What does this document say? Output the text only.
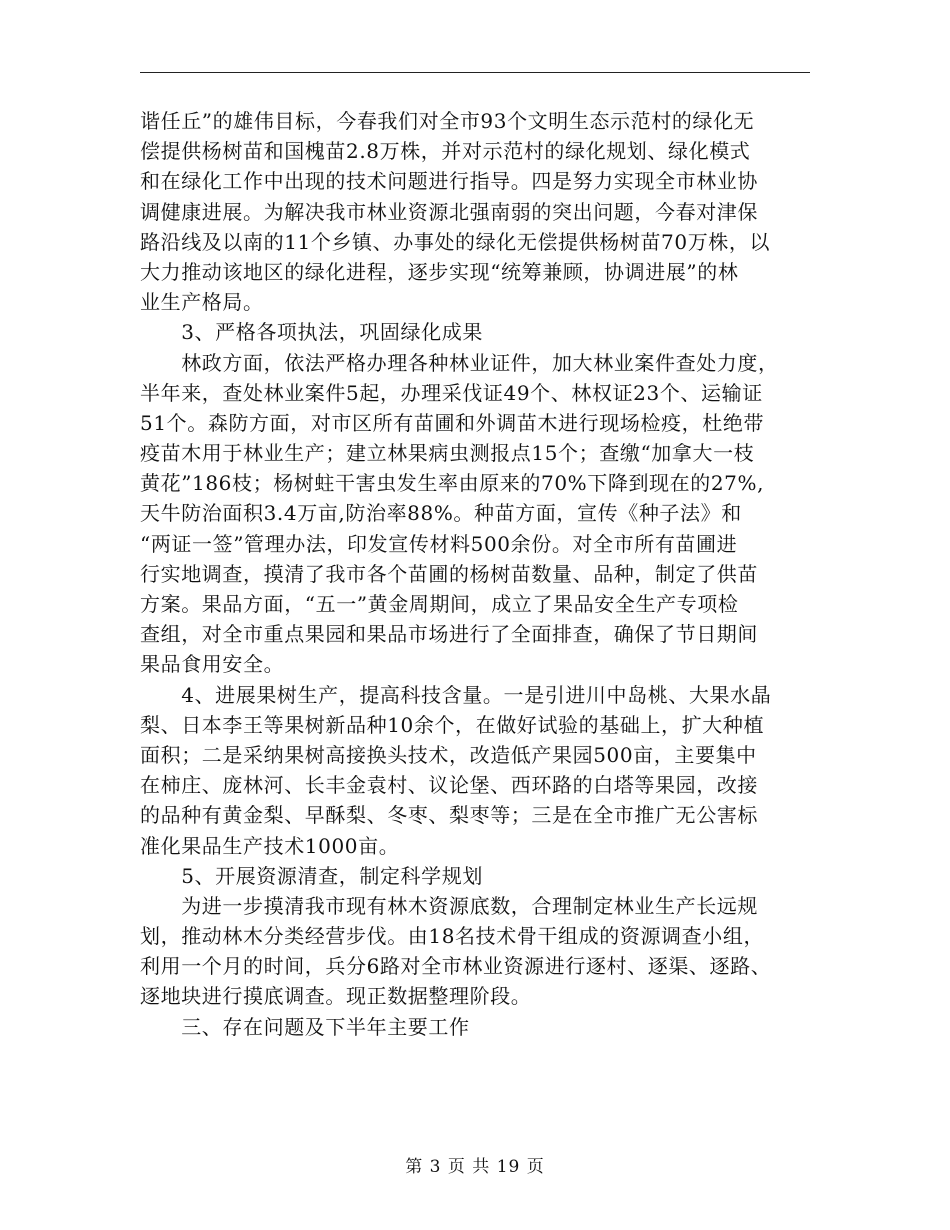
谐任丘”的雄伟目标，今春我们对全市93个文明生态示范村的绿化无
偿提供杨树苗和国槐苗2.8万株，并对示范村的绿化规划、绿化模式
和在绿化工作中出现的技术问题进行指导。四是努力实现全市林业协
调健康进展。为解决我市林业资源北强南弱的突出问题，今春对津保
路沿线及以南的11个乡镇、办事处的绿化无偿提供杨树苗70万株，以
大力推动该地区的绿化进程，逐步实现“统筹兼顾，协调进展”的林
业生产格局。
　　3、严格各项执法，巩固绿化成果
　　林政方面，依法严格办理各种林业证件，加大林业案件查处力度，
半年来，查处林业案件5起，办理采伐证49个、林权证23个、运输证
51个。森防方面，对市区所有苗圃和外调苗木进行现场检疫，杜绝带
疫苗木用于林业生产；建立林果病虫测报点15个；查缴“加拿大一枝
黄花”186枝；杨树蛀干害虫发生率由原来的70%下降到现在的27%,
天牛防治面积3.4万亩,防治率88%。种苗方面，宣传《种子法》和
“两证一签”管理办法，印发宣传材料500余份。对全市所有苗圃进
行实地调查，摸清了我市各个苗圃的杨树苗数量、品种，制定了供苗
方案。果品方面，“五一”黄金周期间，成立了果品安全生产专项检
查组，对全市重点果园和果品市场进行了全面排查，确保了节日期间
果品食用安全。
　　4、进展果树生产，提高科技含量。一是引进川中岛桃、大果水晶
梨、日本李王等果树新品种10余个，在做好试验的基础上，扩大种植
面积；二是采纳果树高接换头技术，改造低产果园500亩，主要集中
在柿庄、庞林河、长丰金袁村、议论堡、西环路的白塔等果园，改接
的品种有黄金梨、早酥梨、冬枣、梨枣等；三是在全市推广无公害标
准化果品生产技术1000亩。
　　5、开展资源清查，制定科学规划
　　为进一步摸清我市现有林木资源底数，合理制定林业生产长远规
划，推动林木分类经营步伐。由18名技术骨干组成的资源调查小组，
利用一个月的时间，兵分6路对全市林业资源进行逐村、逐渠、逐路、
逐地块进行摸底调查。现正数据整理阶段。
　　三、存在问题及下半年主要工作
第 3 页 共 19 页
